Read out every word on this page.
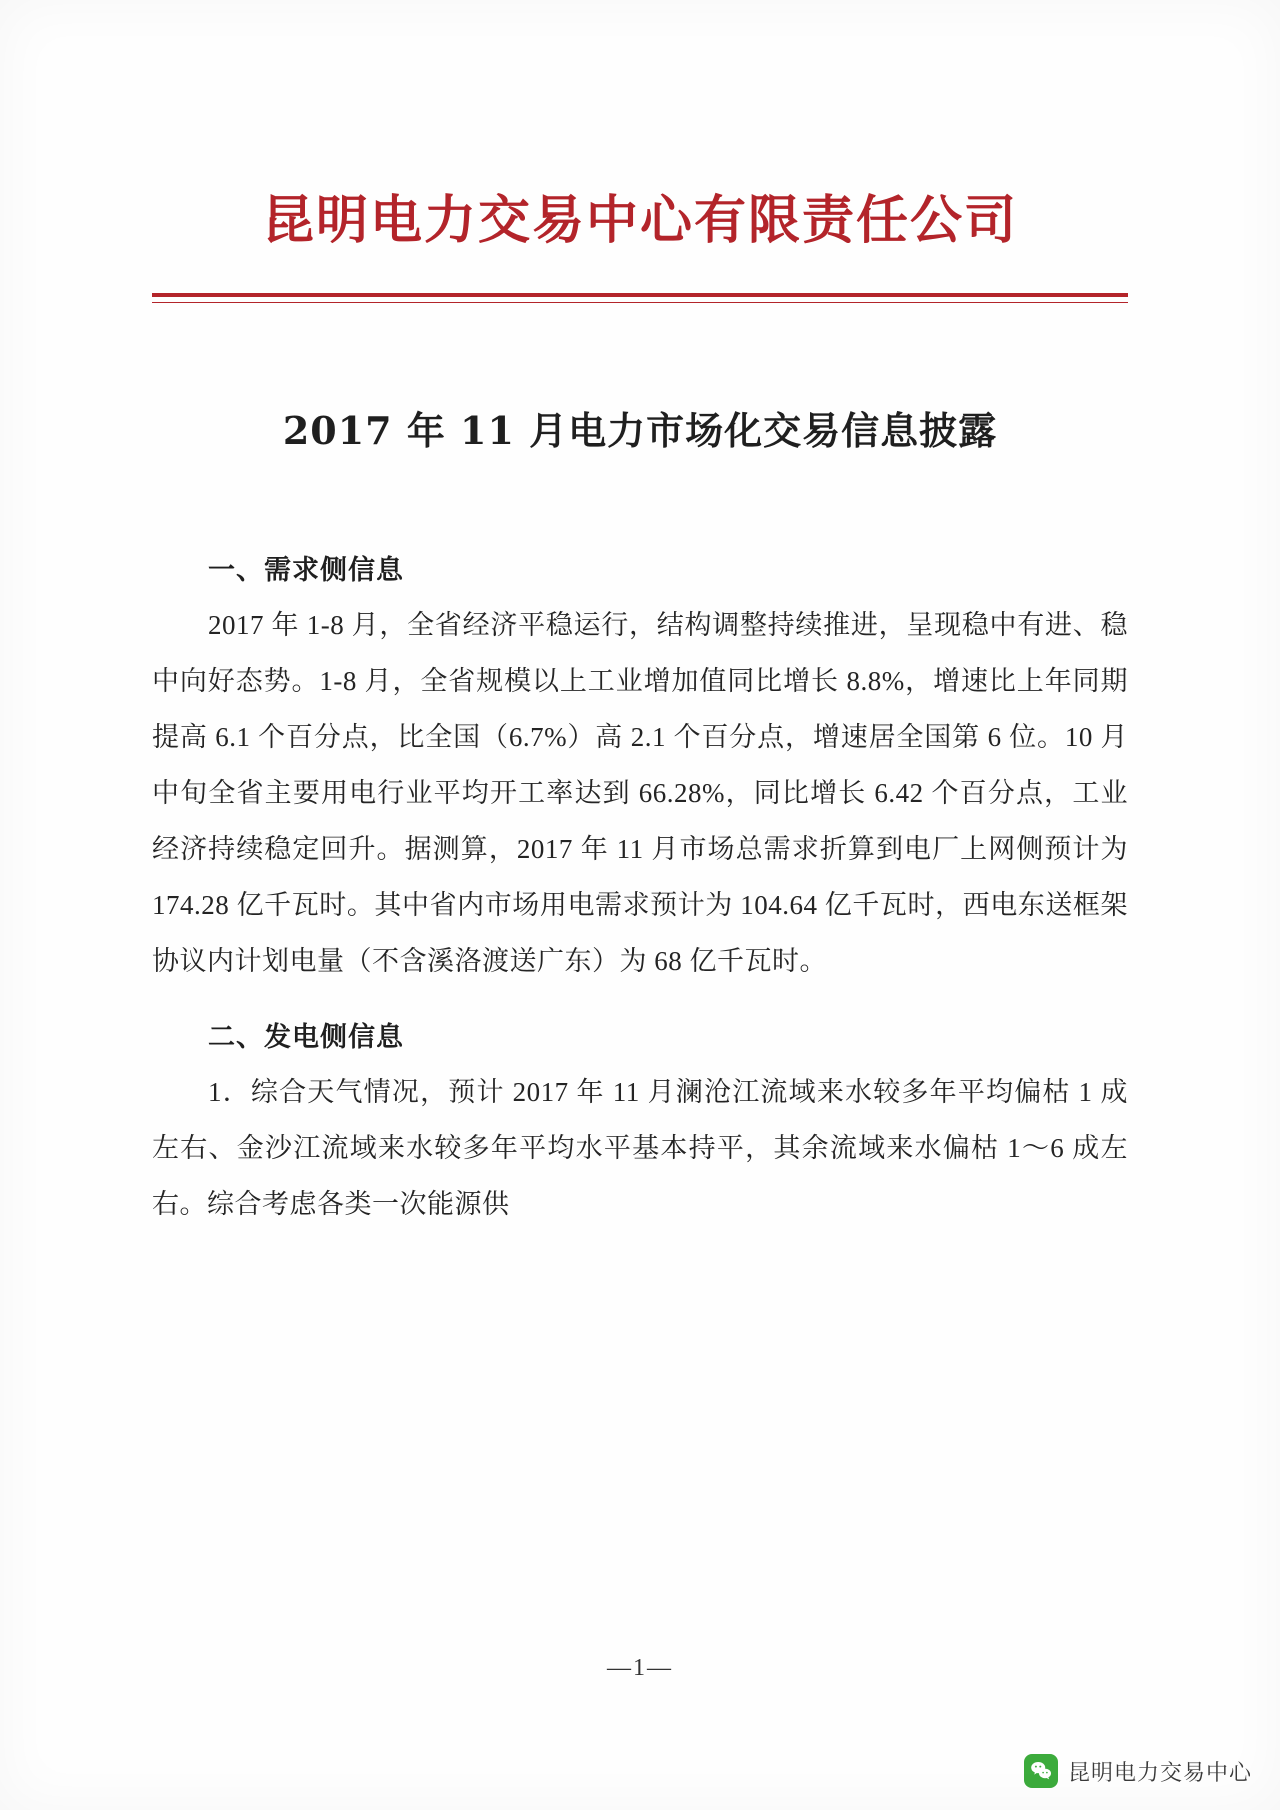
昆明电力交易中心有限责任公司
2017 年 11 月电力市场化交易信息披露
一、需求侧信息

2017 年 1-8 月，全省经济平稳运行，结构调整持续推进，呈现稳中有进、稳中向好态势。1-8 月，全省规模以上工业增加值同比增长 8.8%，增速比上年同期提高 6.1 个百分点，比全国（6.7%）高 2.1 个百分点，增速居全国第 6 位。10 月中旬全省主要用电行业平均开工率达到 66.28%，同比增长 6.42 个百分点，工业经济持续稳定回升。据测算，2017 年 11 月市场总需求折算到电厂上网侧预计为 174.28 亿千瓦时。其中省内市场用电需求预计为 104.64 亿千瓦时，西电东送框架协议内计划电量（不含溪洛渡送广东）为 68 亿千瓦时。

二、发电侧信息

1．综合天气情况，预计 2017 年 11 月澜沧江流域来水较多年平均偏枯 1 成左右、金沙江流域来水较多年平均水平基本持平，其余流域来水偏枯 1～6 成左右。综合考虑各类一次能源供

—1—
昆明电力交易中心
